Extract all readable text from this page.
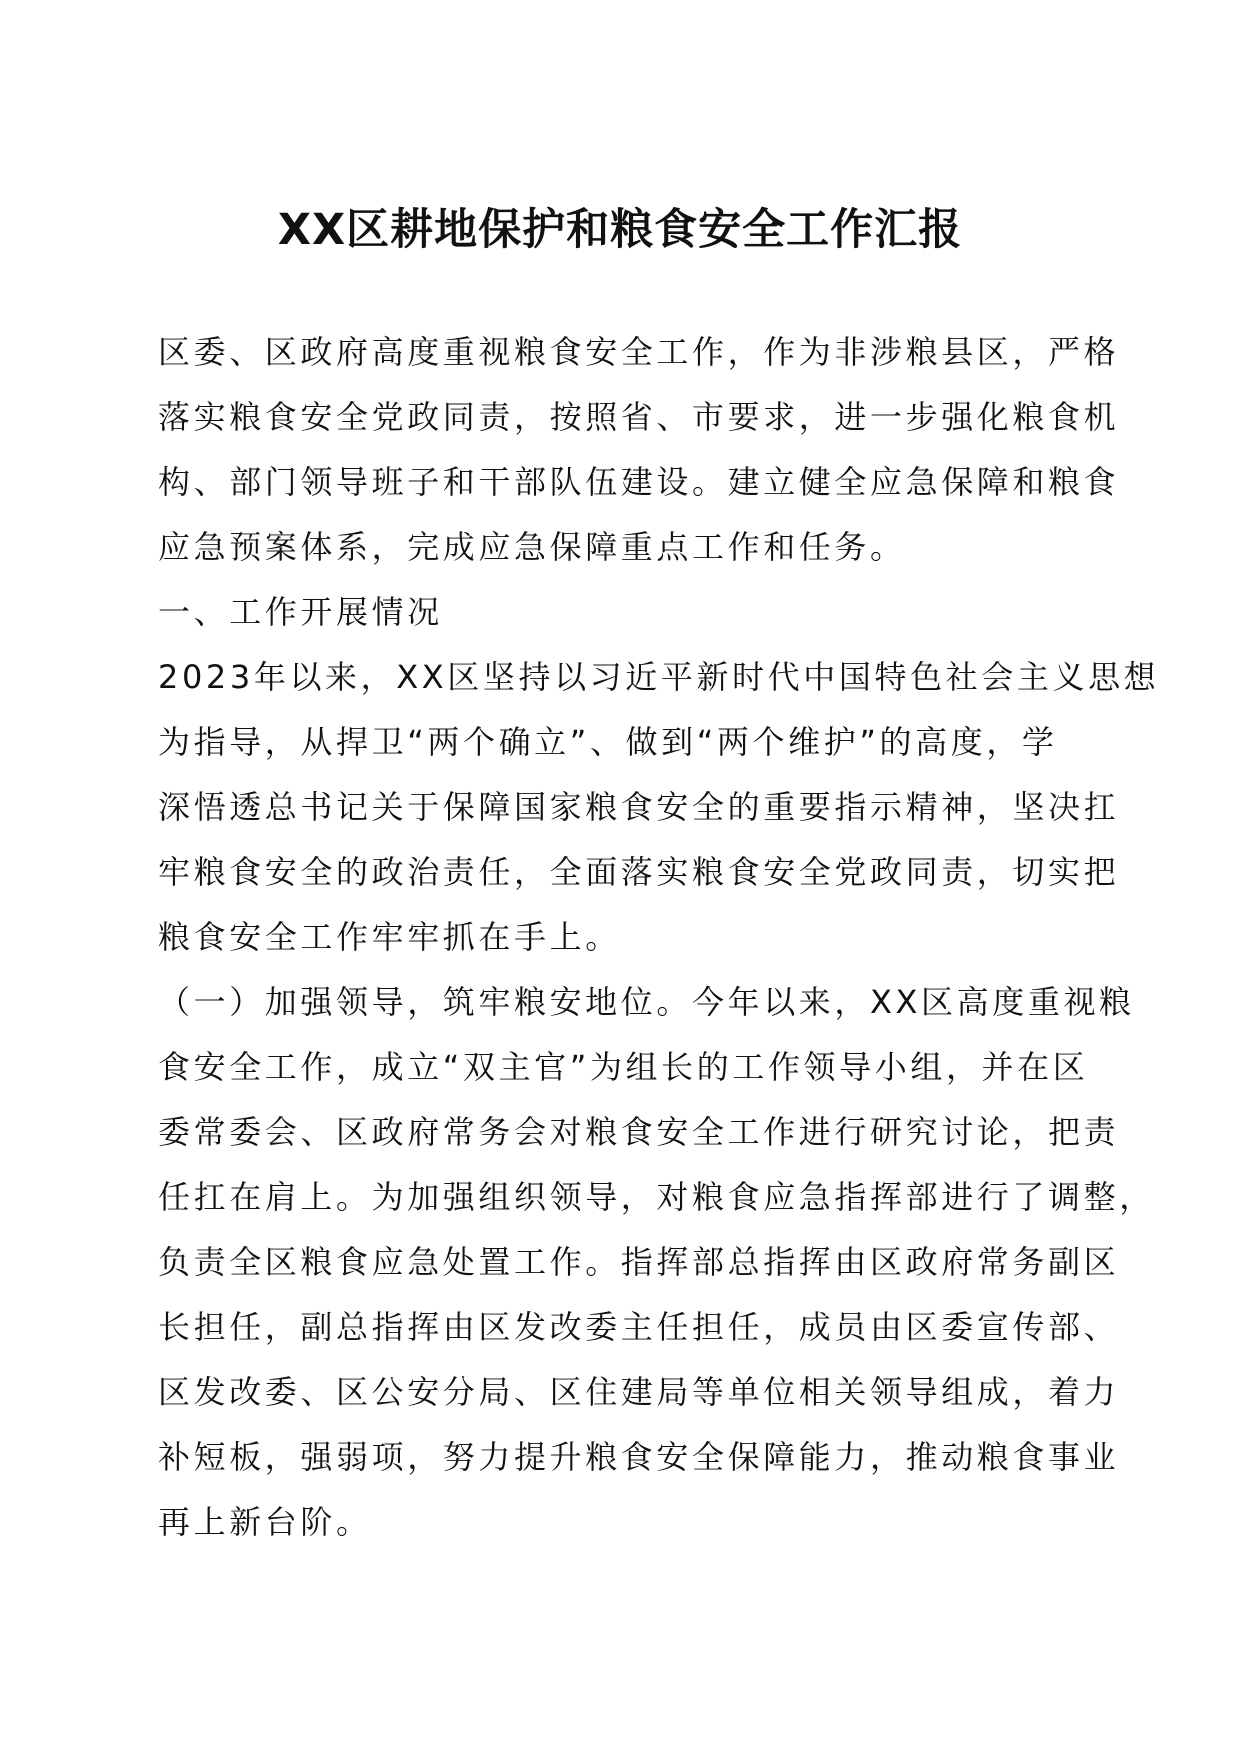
XX区耕地保护和粮食安全工作汇报
区委、区政府高度重视粮食安全工作，作为非涉粮县区，严格
落实粮食安全党政同责，按照省、市要求，进一步强化粮食机
构、部门领导班子和干部队伍建设。建立健全应急保障和粮食
应急预案体系，完成应急保障重点工作和任务。
一、工作开展情况
2023年以来，XX区坚持以习近平新时代中国特色社会主义思想
为指导，从捍卫“两个确立”、做到“两个维护”的高度，学
深悟透总书记关于保障国家粮食安全的重要指示精神，坚决扛
牢粮食安全的政治责任，全面落实粮食安全党政同责，切实把
粮食安全工作牢牢抓在手上。
（一）加强领导，筑牢粮安地位。今年以来，XX区高度重视粮
食安全工作，成立“双主官”为组长的工作领导小组，并在区
委常委会、区政府常务会对粮食安全工作进行研究讨论，把责
任扛在肩上。为加强组织领导，对粮食应急指挥部进行了调整，
负责全区粮食应急处置工作。指挥部总指挥由区政府常务副区
长担任，副总指挥由区发改委主任担任，成员由区委宣传部、
区发改委、区公安分局、区住建局等单位相关领导组成，着力
补短板，强弱项，努力提升粮食安全保障能力，推动粮食事业
再上新台阶。
